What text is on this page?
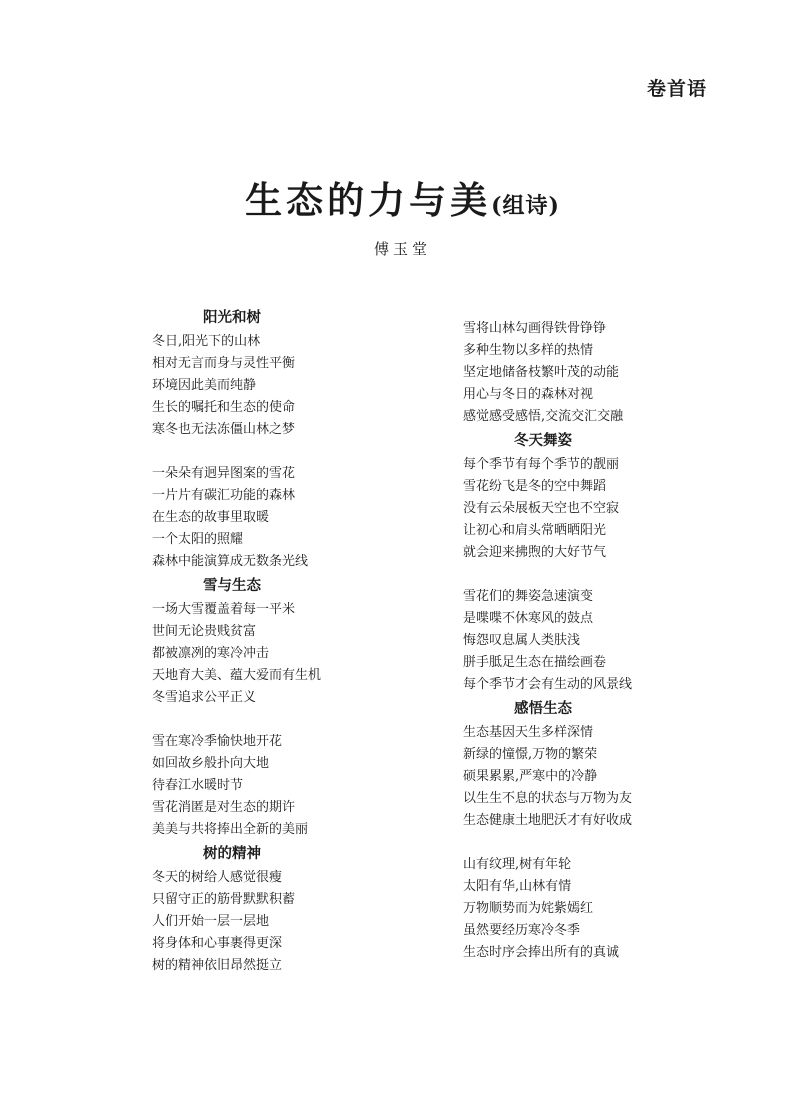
卷首语
生态的力与美(组诗)
傅玉堂
阳光和树
冬日,阳光下的山林
相对无言而身与灵性平衡
环境因此美而纯静
生长的嘱托和生态的使命
寒冬也无法冻僵山林之梦
一朵朵有迥异图案的雪花
一片片有碳汇功能的森林
在生态的故事里取暖
一个太阳的照耀
森林中能演算成无数条光线
雪与生态
一场大雪覆盖着每一平米
世间无论贵贱贫富
都被凛冽的寒冷冲击
天地育大美、蕴大爱而有生机
冬雪追求公平正义
雪在寒冷季愉快地开花
如回故乡般扑向大地
待春江水暖时节
雪花消匿是对生态的期许
美美与共将捧出全新的美丽
树的精神
冬天的树给人感觉很瘦
只留守正的筋骨默默积蓄
人们开始一层一层地
将身体和心事裹得更深
树的精神依旧昂然挺立
雪将山林勾画得铁骨铮铮
多种生物以多样的热情
坚定地储备枝繁叶茂的动能
用心与冬日的森林对视
感觉感受感悟,交流交汇交融
冬天舞姿
每个季节有每个季节的靓丽
雪花纷飞是冬的空中舞蹈
没有云朵展板天空也不空寂
让初心和肩头常晒晒阳光
就会迎来拂煦的大好节气
雪花们的舞姿急速演变
是喋喋不休寒风的鼓点
悔怨叹息属人类肤浅
胼手胝足生态在描绘画卷
每个季节才会有生动的风景线
感悟生态
生态基因天生多样深情
新绿的憧憬,万物的繁荣
硕果累累,严寒中的冷静
以生生不息的状态与万物为友
生态健康土地肥沃才有好收成
山有纹理,树有年轮
太阳有华,山林有情
万物顺势而为姹紫嫣红
虽然要经历寒冷冬季
生态时序会捧出所有的真诚
